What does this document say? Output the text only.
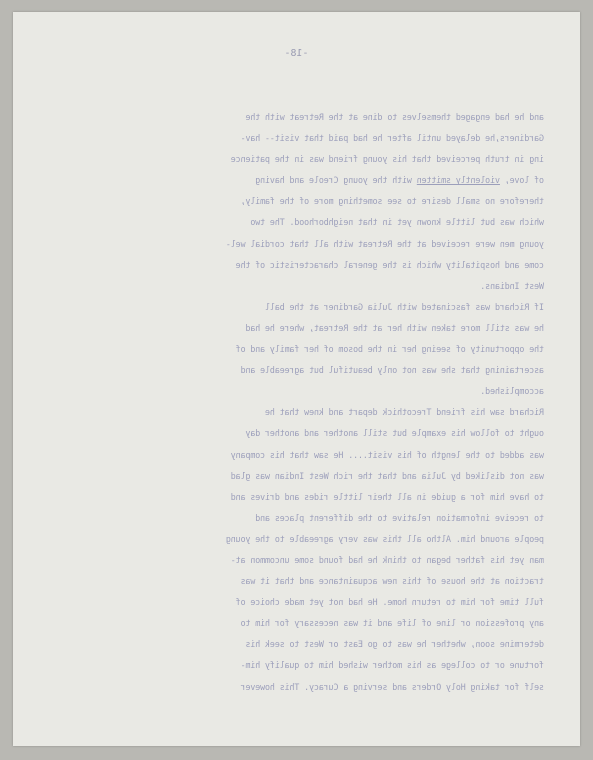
-18-
and he had engaged themselves to dine at the Retreat with the
Gardiners,he delayed until after he had paid that visit-- hav-
ing in truth perceived that his young friend was in the patience
of love, violently smitten with the young Creole and having
therefore no small desire to see something more of the family,
which was but little known yet in that neighborhood. The two
young men were received at the Retreat with all that cordial wel-
come and hospitality which is the general characteristic of the
West Indians.
If Richard was fascinated with Julia Gardiner at the ball
he was still more taken with her at the Retreat, where he had
the opportunity of seeing her in the bosom of her family and of
ascertaining that she was not only beautiful but agreeable and
accomplished.
Richard saw his friend Trecothick depart and knew that he
ought to follow his example but still another and another day
was added to the length of his visit.... He saw that his company
was not disliked by Julia and that the rich West Indian was glad
to have him for a guide in all their little rides and drives and
to receive information relative to the different places and
people around him. Altho all this was very agreeable to the young
man yet his father began to think he had found some uncommon at-
traction at the house of this new acquaintance and that it was
full time for him to return home. He had not yet made choice of
any profession or line of life and it was necessary for him to
determine soon, whether he was to go East or West to seek his
fortune or to college as his mother wished him to qualify him-
self for taking Holy Orders and serving a Curacy. This however
